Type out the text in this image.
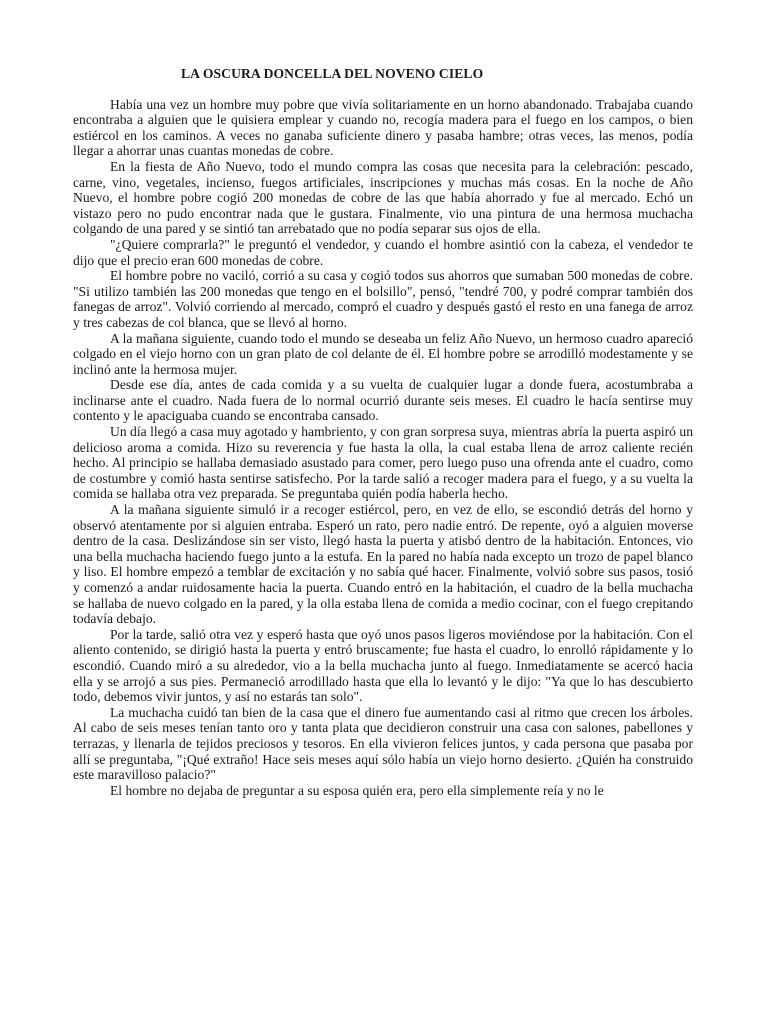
LA OSCURA DONCELLA DEL NOVENO CIELO

Había una vez un hombre muy pobre que vivía solitariamente en un horno abandonado. Trabajaba cuando encontraba a alguien que le quisiera emplear y cuando no, recogía madera para el fuego en los campos, o bien estiércol en los caminos. A veces no ganaba suficiente dinero y pasaba hambre; otras veces, las menos, podía llegar a ahorrar unas cuantas monedas de cobre.

En la fiesta de Año Nuevo, todo el mundo compra las cosas que necesita para la celebración: pescado, carne, vino, vegetales, incienso, fuegos artificiales, inscripciones y muchas más cosas. En la noche de Año Nuevo, el hombre pobre cogió 200 monedas de cobre de las que había ahorrado y fue al mercado. Echó un vistazo pero no pudo encontrar nada que le gustara. Finalmente, vio una pintura de una hermosa muchacha colgando de una pared y se sintió tan arrebatado que no podía separar sus ojos de ella.

"¿Quiere comprarla?" le preguntó el vendedor, y cuando el hombre asintió con la cabeza, el vendedor te dijo que el precio eran 600 monedas de cobre.

El hombre pobre no vaciló, corrió a su casa y cogió todos sus ahorros que sumaban 500 monedas de cobre. "Si utilizo también las 200 monedas que tengo en el bolsillo", pensó, "tendré 700, y podré comprar también dos fanegas de arroz". Volvió corriendo al mercado, compró el cuadro y después gastó el resto en una fanega de arroz y tres cabezas de col blanca, que se llevó al horno.

A la mañana siguiente, cuando todo el mundo se deseaba un feliz Año Nuevo, un hermoso cuadro apareció colgado en el viejo horno con un gran plato de col delante de él. El hombre pobre se arrodilló modestamente y se inclinó ante la hermosa mujer.

Desde ese día, antes de cada comida y a su vuelta de cualquier lugar a donde fuera, acostumbraba a inclinarse ante el cuadro. Nada fuera de lo normal ocurrió durante seis meses. El cuadro le hacía sentirse muy contento y le apaciguaba cuando se encontraba cansado.

Un día llegó a casa muy agotado y hambriento, y con gran sorpresa suya, mientras abría la puerta aspiró un delicioso aroma a comida. Hizo su reverencia y fue hasta la olla, la cual estaba llena de arroz caliente recién hecho. Al principio se hallaba demasiado asustado para comer, pero luego puso una ofrenda ante el cuadro, como de costumbre y comió hasta sentirse satisfecho. Por la tarde salió a recoger madera para el fuego, y a su vuelta la comida se hallaba otra vez preparada. Se preguntaba quién podía haberla hecho.

A la mañana siguiente simuló ir a recoger estiércol, pero, en vez de ello, se escondió detrás del horno y observó atentamente por si alguien entraba. Esperó un rato, pero nadie entró. De repente, oyó a alguien moverse dentro de la casa. Deslizándose sin ser visto, llegó hasta la puerta y atisbó dentro de la habitación. Entonces, vio una bella muchacha haciendo fuego junto a la estufa. En la pared no había nada excepto un trozo de papel blanco y liso. El hombre empezó a temblar de excitación y no sabía qué hacer. Finalmente, volvió sobre sus pasos, tosió y comenzó a andar ruidosamente hacia la puerta. Cuando entró en la habitación, el cuadro de la bella muchacha se hallaba de nuevo colgado en la pared, y la olla estaba llena de comida a medio cocinar, con el fuego crepitando todavía debajo.

Por la tarde, salió otra vez y esperó hasta que oyó unos pasos ligeros moviéndose por la habitación. Con el aliento contenido, se dirigió hasta la puerta y entró bruscamente; fue hasta el cuadro, lo enrolló rápidamente y lo escondió. Cuando miró a su alrededor, vio a la bella muchacha junto al fuego. Inmediatamente se acercó hacia ella y se arrojó a sus pies. Permaneció arrodillado hasta que ella lo levantó y le dijo: "Ya que lo has descubierto todo, debemos vivir juntos, y así no estarás tan solo".

La muchacha cuidó tan bien de la casa que el dinero fue aumentando casi al ritmo que crecen los árboles. Al cabo de seis meses tenían tanto oro y tanta plata que decidieron construir una casa con salones, pabellones y terrazas, y llenarla de tejidos preciosos y tesoros. En ella vivieron felices juntos, y cada persona que pasaba por allí se preguntaba, "¡Qué extraño! Hace seis meses aquí sólo había un viejo horno desierto. ¿Quién ha construido este maravilloso palacio?"

El hombre no dejaba de preguntar a su esposa quién era, pero ella simplemente reía y no le
